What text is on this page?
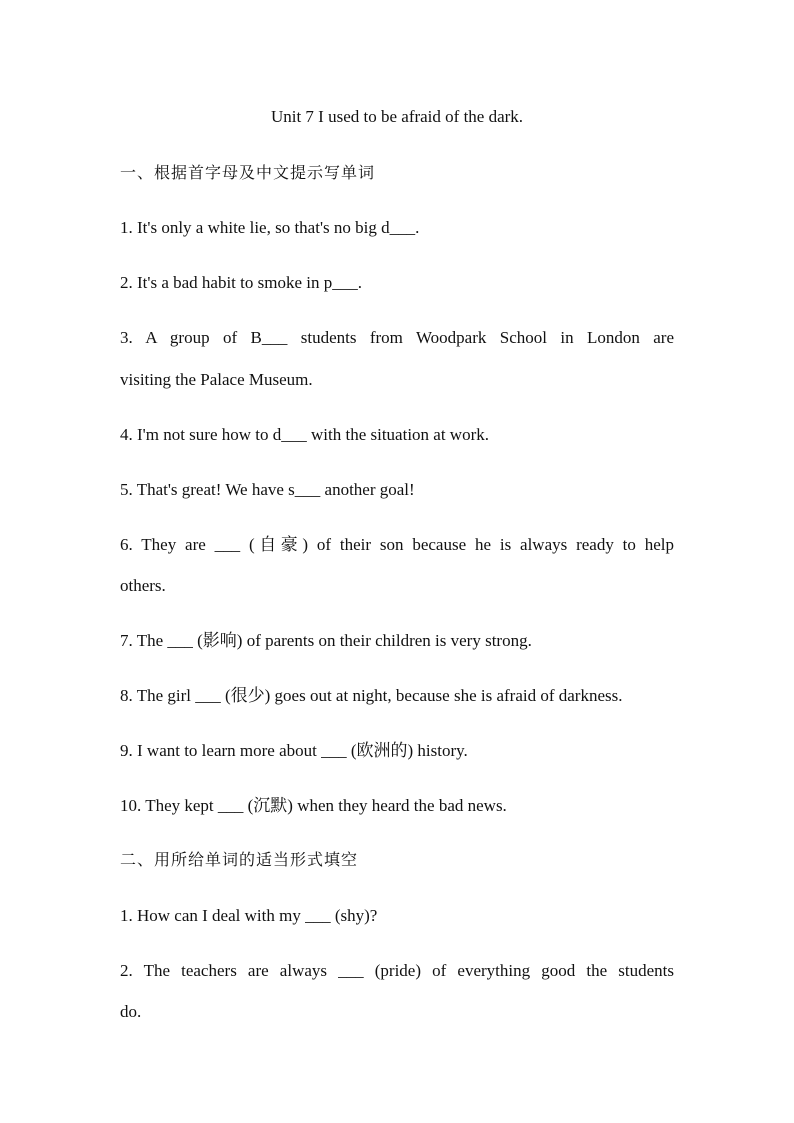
Unit 7 I used to be afraid of the dark.
一、根据首字母及中文提示写单词
1. It's only a white lie, so that's no big d___.
2. It's a bad habit to smoke in p___.
3. A group of B___ students from Woodpark School in London are
visiting the Palace Museum.
4. I'm not sure how to d___ with the situation at work.
5. That's great! We have s___ another goal!
6. They are ___ (自豪) of their son because he is always ready to help
others.
7. The ___ (影响) of parents on their children is very strong.
8. The girl ___ (很少) goes out at night, because she is afraid of darkness.
9. I want to learn more about ___ (欧洲的) history.
10. They kept ___ (沉默) when they heard the bad news.
二、用所给单词的适当形式填空
1. How can I deal with my ___ (shy)?
2. The teachers are always ___ (pride) of everything good the students
do.
